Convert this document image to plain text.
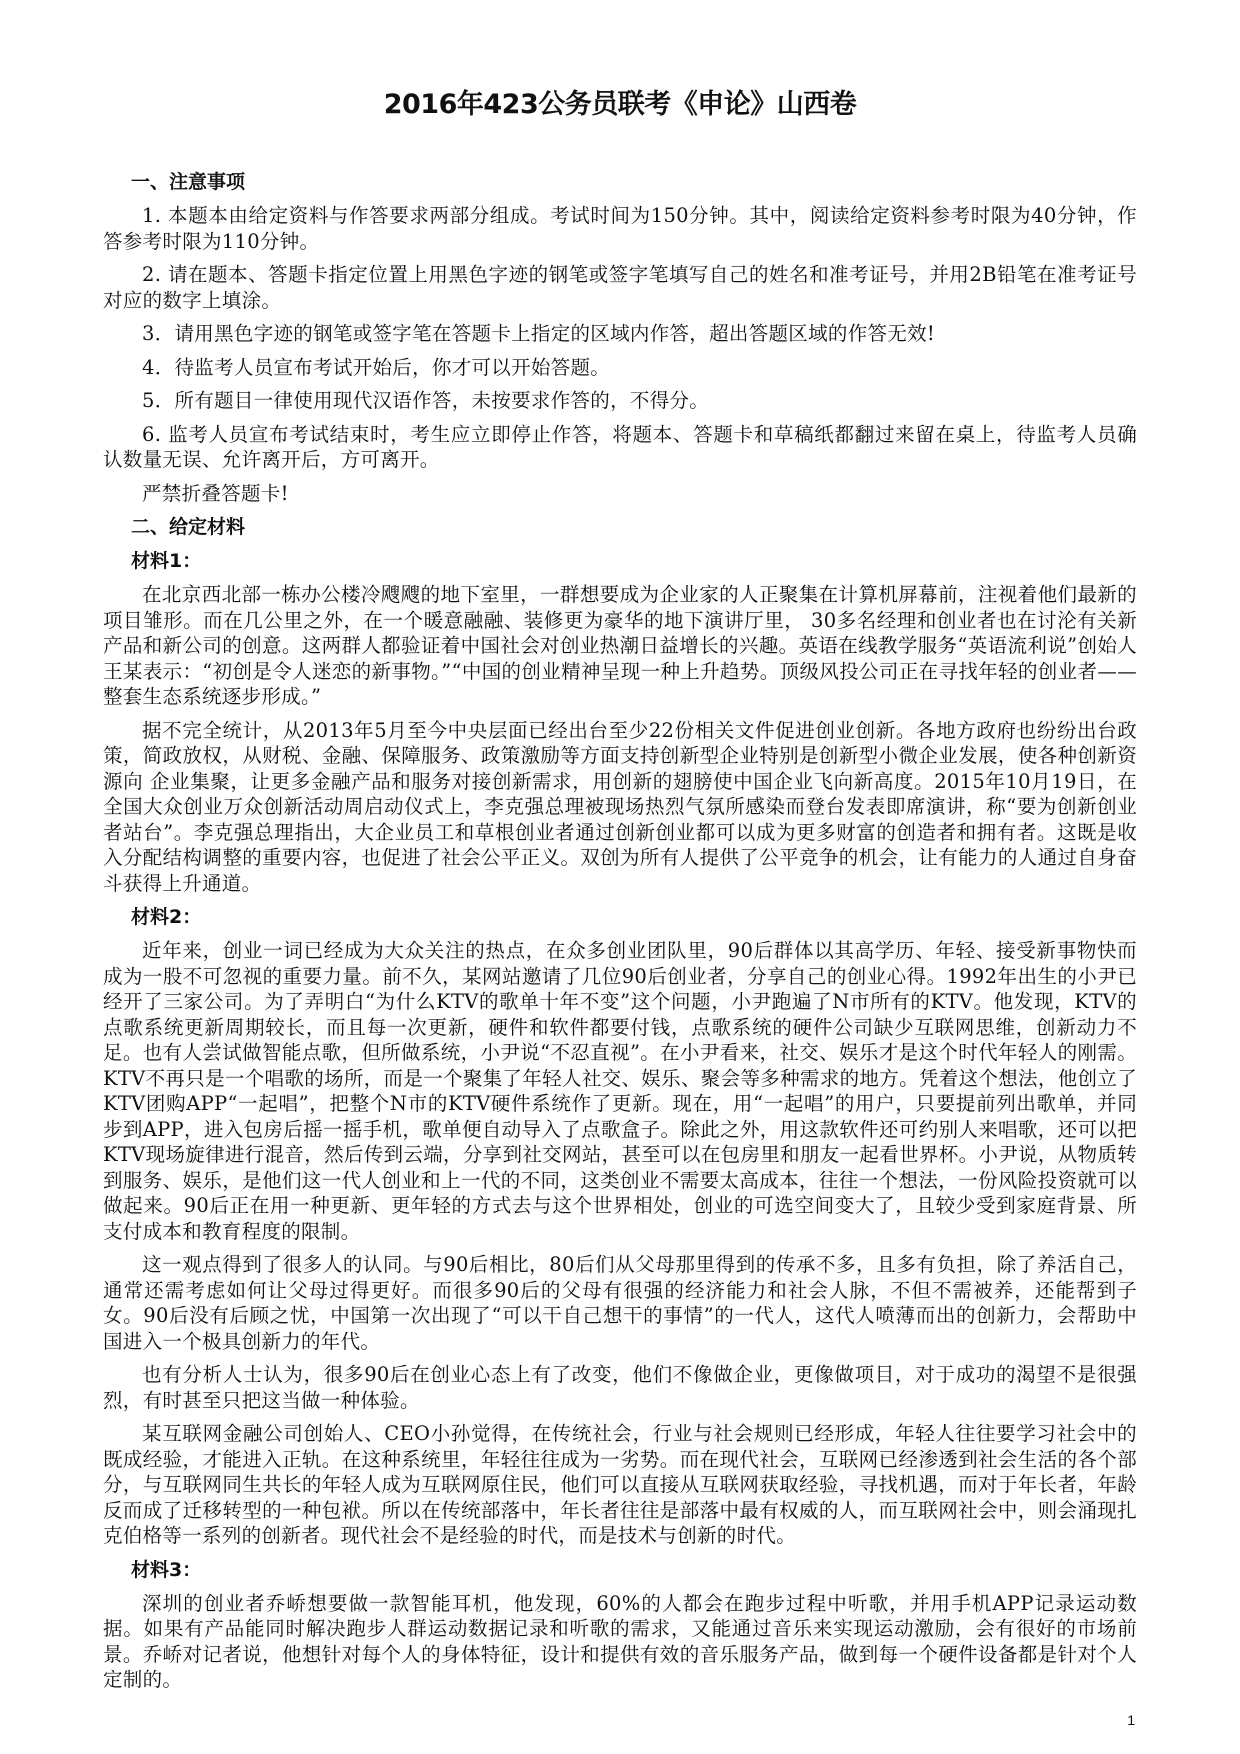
2016年423公务员联考《申论》山西卷
一、注意事项

1. 本题本由给定资料与作答要求两部分组成。考试时间为150分钟。其中，阅读给定资料参考时限为40分钟，作答参考时限为110分钟。

2. 请在题本、答题卡指定位置上用黑色字迹的钢笔或签字笔填写自己的姓名和准考证号，并用2B铅笔在准考证号对应的数字上填涂。

3．请用黑色字迹的钢笔或签字笔在答题卡上指定的区域内作答，超出答题区域的作答无效!

4．待监考人员宣布考试开始后，你才可以开始答题。

5．所有题目一律使用现代汉语作答，未按要求作答的，不得分。

6. 监考人员宣布考试结束时，考生应立即停止作答，将题本、答题卡和草稿纸都翻过来留在桌上，待监考人员确认数量无误、允许离开后，方可离开。

严禁折叠答题卡!

二、给定材料
材料1：

在北京西北部一栋办公楼冷飕飕的地下室里，一群想要成为企业家的人正聚集在计算机屏幕前，注视着他们最新的项目雏形。而在几公里之外，在一个暖意融融、装修更为豪华的地下演讲厅里， 30多名经理和创业者也在讨沦有关新产品和新公司的创意。这两群人都验证着中国社会对创业热潮日益增长的兴趣。英语在线教学服务“英语流利说”创始人王某表示：“初创是令人迷恋的新事物。”“中国的创业精神呈现一种上升趋势。顶级风投公司正在寻找年轻的创业者——整套生态系统逐步形成。”

据不完全统计，从2013年5月至今中央层面已经出台至少22份相关文件促进创业创新。各地方政府也纷纷出台政策，简政放权，从财税、金融、保障服务、政策激励等方面支持创新型企业特别是创新型小微企业发展，使各种创新资源向 企业集聚，让更多金融产品和服务对接创新需求，用创新的翅膀使中国企业飞向新高度。2015年10月19日，在全国大众创业万众创新活动周启动仪式上，李克强总理被现场热烈气氛所感染而登台发表即席演讲，称“要为创新创业者站台”。李克强总理指出，大企业员工和草根创业者通过创新创业都可以成为更多财富的创造者和拥有者。这既是收入分配结构调整的重要内容，也促进了社会公平正义。双创为所有人提供了公平竞争的机会，让有能力的人通过自身奋斗获得上升通道。

材料2：

近年来，创业一词已经成为大众关注的热点，在众多创业团队里，90后群体以其高学历、年轻、接受新事物快而成为一股不可忽视的重要力量。前不久，某网站邀请了几位90后创业者，分享自己的创业心得。1992年出生的小尹已经开了三家公司。为了弄明白“为什么KTV的歌单十年不变”这个问题，小尹跑遍了N市所有的KTV。他发现，KTV的点歌系统更新周期较长，而且每一次更新，硬件和软件都要付钱，点歌系统的硬件公司缺少互联网思维，创新动力不足。也有人尝试做智能点歌，但所做系统，小尹说“不忍直视”。在小尹看来，社交、娱乐才是这个时代年轻人的刚需。KTV不再只是一个唱歌的场所，而是一个聚集了年轻人社交、娱乐、聚会等多种需求的地方。凭着这个想法，他创立了KTV团购APP“一起唱”，把整个N市的KTV硬件系统作了更新。现在，用“一起唱”的用户，只要提前列出歌单，并同步到APP，进入包房后摇一摇手机，歌单便自动导入了点歌盒子。除此之外，用这款软件还可约别人来唱歌，还可以把KTV现场旋律进行混音，然后传到云端，分享到社交网站，甚至可以在包房里和朋友一起看世界杯。小尹说，从物质转到服务、娱乐，是他们这一代人创业和上一代的不同，这类创业不需要太高成本，往往一个想法，一份风险投资就可以做起来。90后正在用一种更新、更年轻的方式去与这个世界相处，创业的可选空间变大了，且较少受到家庭背景、所支付成本和教育程度的限制。

这一观点得到了很多人的认同。与90后相比，80后们从父母那里得到的传承不多，且多有负担，除了养活自己，通常还需考虑如何让父母过得更好。而很多90后的父母有很强的经济能力和社会人脉，不但不需被养，还能帮到子女。90后没有后顾之忧，中国第一次出现了“可以干自己想干的事情”的一代人，这代人喷薄而出的创新力，会帮助中国进入一个极具创新力的年代。

也有分析人士认为，很多90后在创业心态上有了改变，他们不像做企业，更像做项目，对于成功的渴望不是很强烈，有时甚至只把这当做一种体验。

某互联网金融公司创始人、CEO小孙觉得，在传统社会，行业与社会规则已经形成，年轻人往往要学习社会中的既成经验，才能进入正轨。在这种系统里，年轻往往成为一劣势。而在现代社会，互联网已经渗透到社会生活的各个部分，与互联网同生共长的年轻人成为互联网原住民，他们可以直接从互联网获取经验，寻找机遇，而对于年长者，年龄反而成了迁移转型的一种包袱。所以在传统部落中，年长者往往是部落中最有权威的人，而互联网社会中，则会涌现扎克伯格等一系列的创新者。现代社会不是经验的时代，而是技术与创新的时代。

材料3：

深圳的创业者乔峤想要做一款智能耳机，他发现，60%的人都会在跑步过程中听歌，并用手机APP记录运动数据。如果有产品能同时解决跑步人群运动数据记录和听歌的需求，又能通过音乐来实现运动激励，会有很好的市场前景。乔峤对记者说，他想针对每个人的身体特征，设计和提供有效的音乐服务产品，做到每一个硬件设备都是针对个人定制的。

1
